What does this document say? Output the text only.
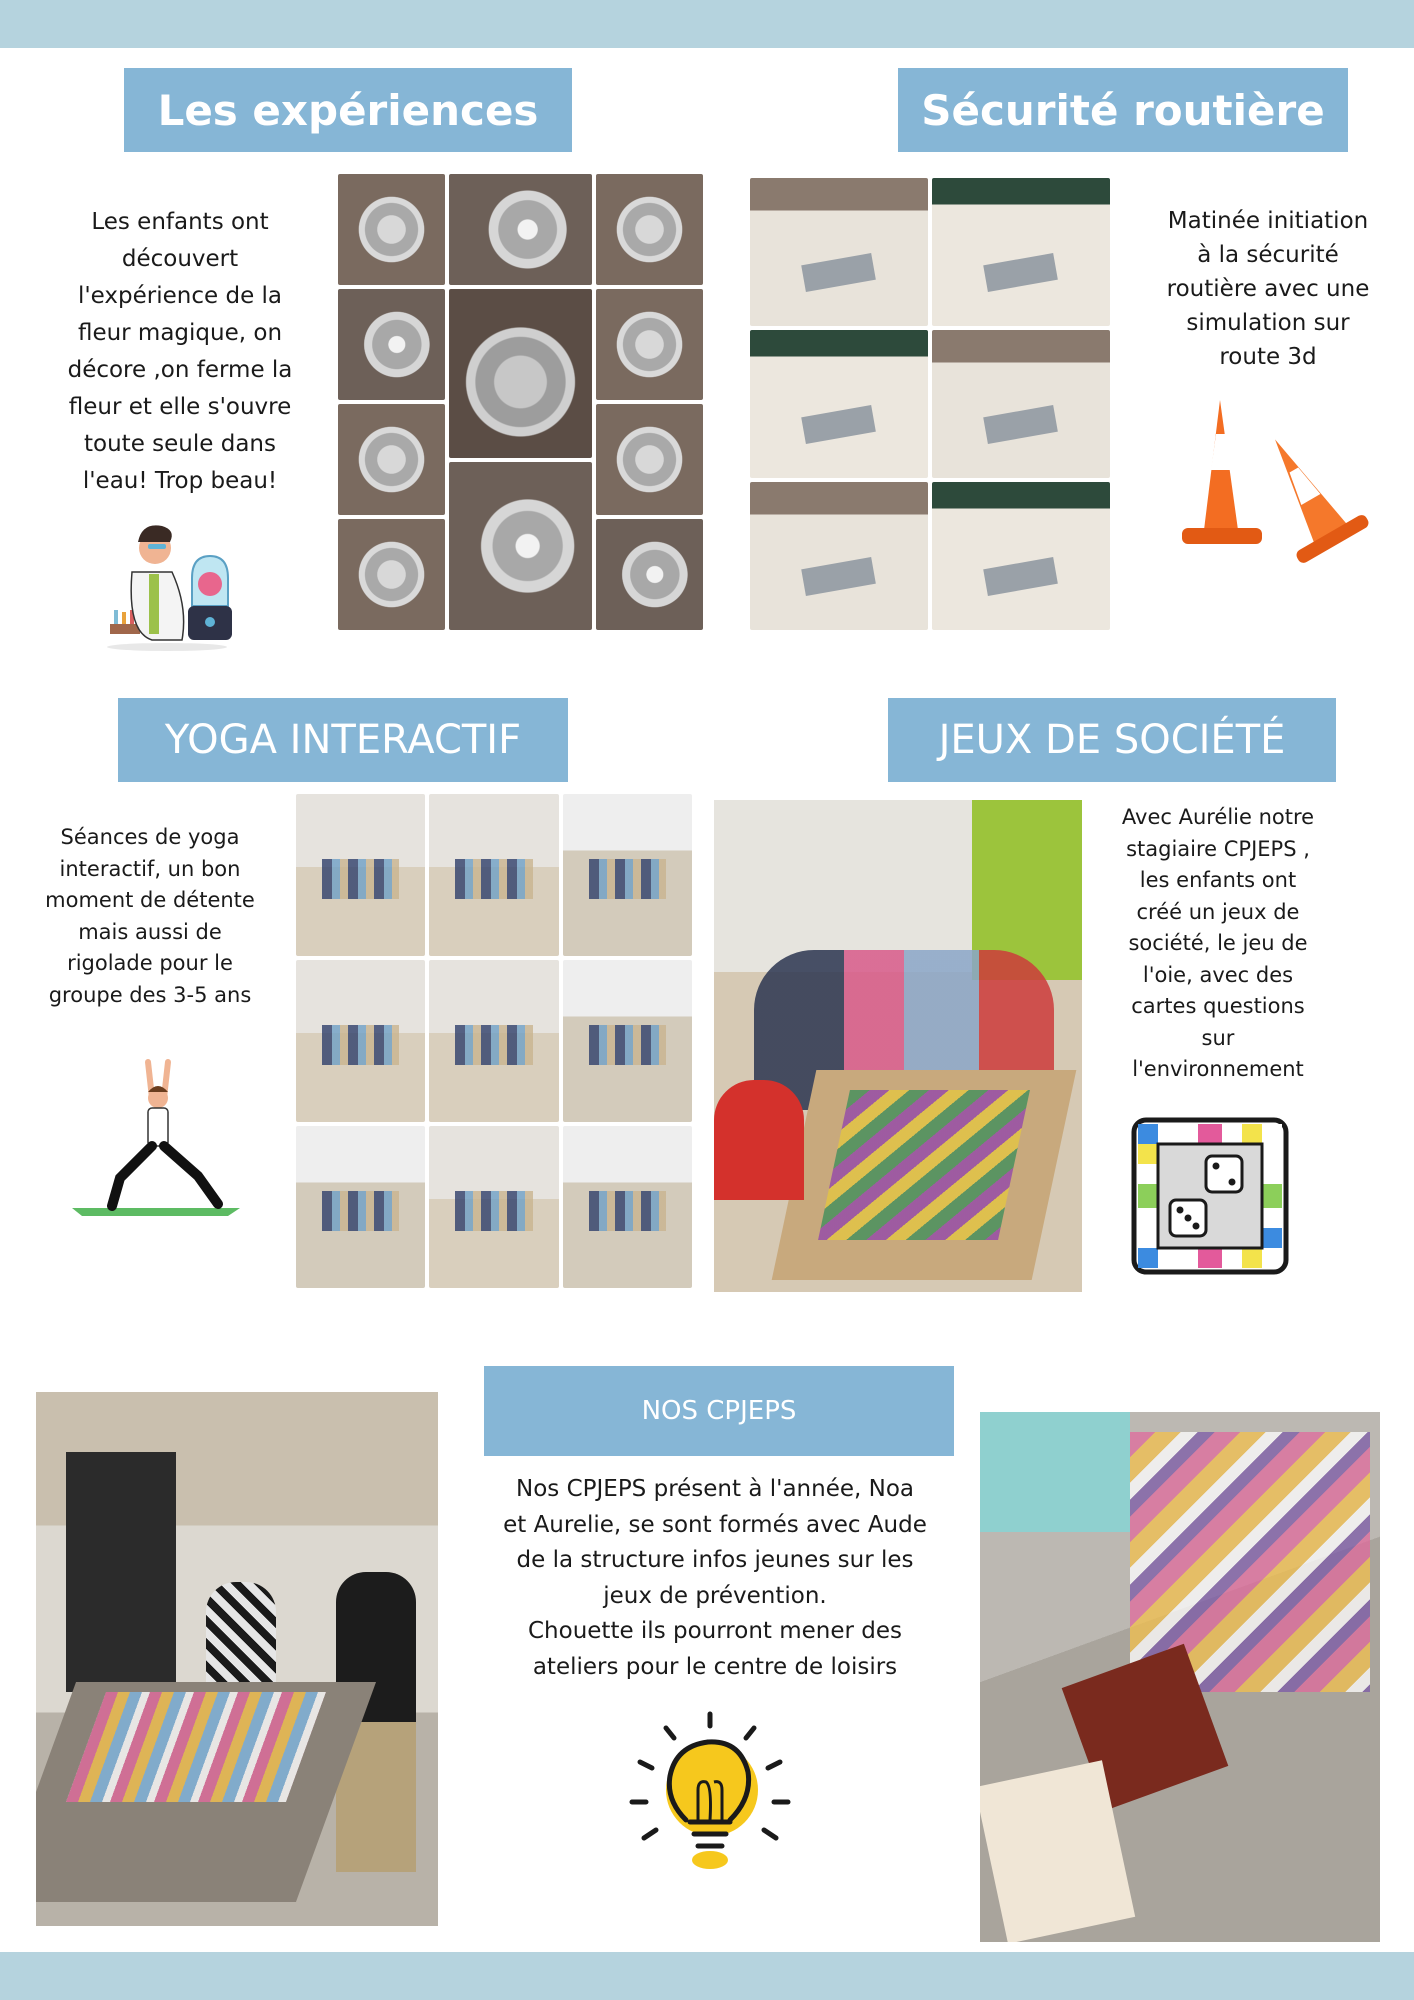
Les expériences
Les enfants ont
découvert
l'expérience de la
fleur magique, on
décore ,on ferme la
fleur et elle s'ouvre
toute seule dans
l'eau! Trop beau!
Sécurité routière
Matinée initiation
à la sécurité
routière avec une
simulation sur
route 3d
YOGA INTERACTIF
Séances de yoga
interactif, un bon
moment de détente
mais aussi de
rigolade pour le
groupe des 3-5 ans
JEUX DE SOCIÉTÉ
Avec Aurélie notre
stagiaire CPJEPS ,
les enfants ont
créé un jeux de
société, le jeu de
l'oie, avec des
cartes questions
sur
l'environnement
NOS CPJEPS
Nos CPJEPS présent à l'année, Noa
et Aurelie, se sont formés avec Aude
de la structure infos jeunes sur les
jeux de prévention.
Chouette ils pourront mener des
ateliers pour le centre de loisirs
